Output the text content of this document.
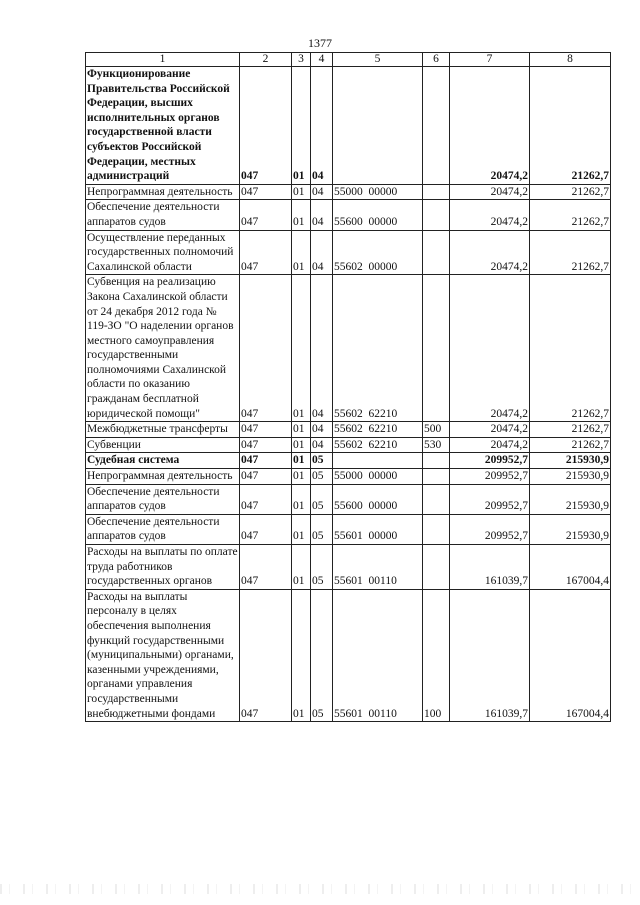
1377
1	2	3	4	5	6	7	8
Функционирование Правительства Российской Федерации, высших исполнительных органов государственной власти субъектов Российской Федерации, местных администраций	047	01	04			20474,2	21262,7
Непрограммная деятельность	047	01	04	55000  00000		20474,2	21262,7
Обеспечение деятельности аппаратов судов	047	01	04	55600  00000		20474,2	21262,7
Осуществление переданных государственных полномочий Сахалинской области	047	01	04	55602  00000		20474,2	21262,7
Субвенция на реализацию Закона Сахалинской области от 24 декабря 2012 года № 119-ЗО "О наделении органов местного самоуправления государственными полномочиями Сахалинской области по оказанию гражданам бесплатной юридической помощи"	047	01	04	55602  62210		20474,2	21262,7
Межбюджетные трансферты	047	01	04	55602  62210	500	20474,2	21262,7
Субвенции	047	01	04	55602  62210	530	20474,2	21262,7
Судебная система	047	01	05			209952,7	215930,9
Непрограммная деятельность	047	01	05	55000  00000		209952,7	215930,9
Обеспечение деятельности аппаратов судов	047	01	05	55600  00000		209952,7	215930,9
Обеспечение деятельности аппаратов судов	047	01	05	55601  00000		209952,7	215930,9
Расходы на выплаты по оплате труда работников государственных органов	047	01	05	55601  00110		161039,7	167004,4
Расходы на выплаты персоналу в целях обеспечения выполнения функций государственными (муниципальными) органами, казенными учреждениями, органами управления государственными внебюджетными фондами	047	01	05	55601  00110	100	161039,7	167004,4
